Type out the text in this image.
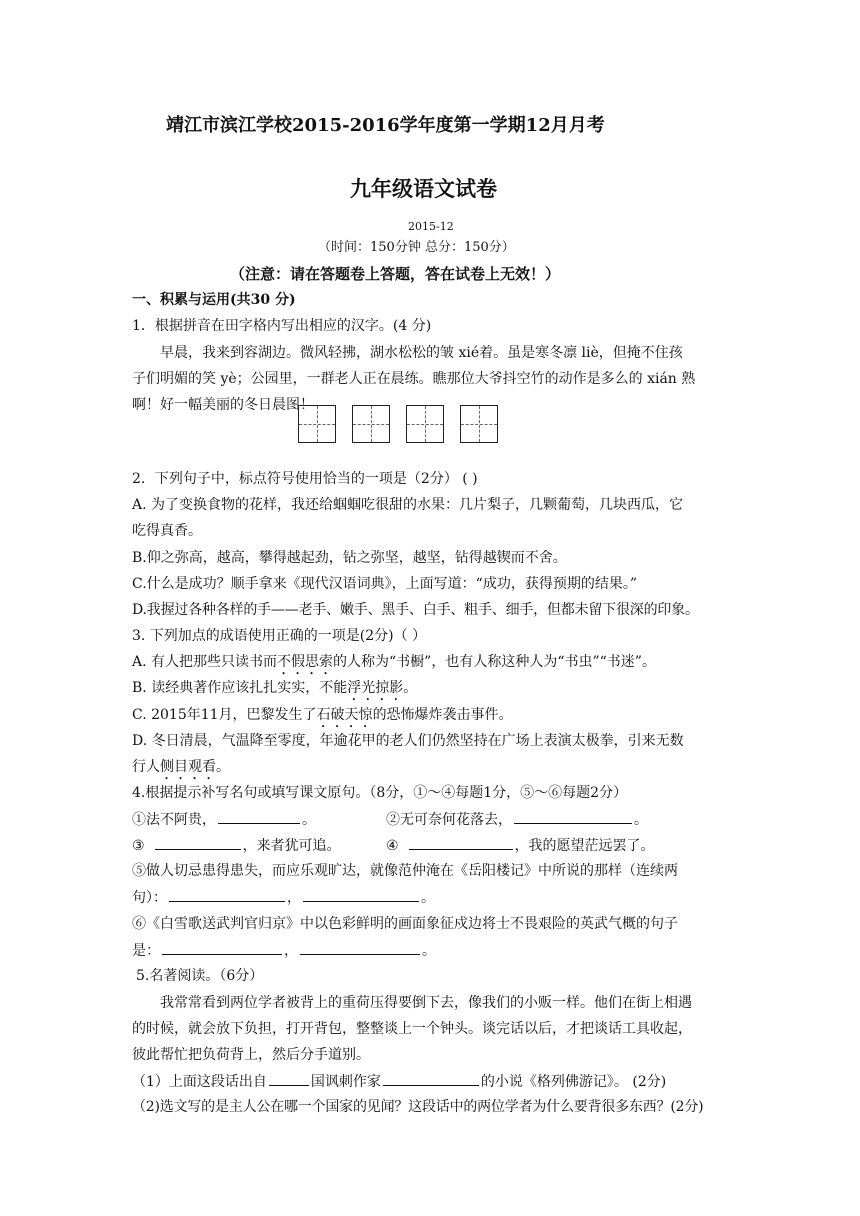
靖江市滨江学校2015-2016学年度第一学期12月月考
九年级语文试卷
2015-12
（时间：150分钟 总分：150分）
（注意：请在答题卷上答题，答在试卷上无效！）
一、积累与运用(共30 分)
1．根据拼音在田字格内写出相应的汉字。(4 分)
早晨，我来到容湖边。微风轻拂，湖水松松的皱 xié着。虽是寒冬凛 liè，但掩不住孩
子们明媚的笑 yè；公园里，一群老人正在晨练。瞧那位大爷抖空竹的动作是多么的 xián 熟
啊！好一幅美丽的冬日晨图！
2．下列句子中，标点符号使用恰当的一项是（2分） ( )
A. 为了变换食物的花样，我还给蝈蝈吃很甜的水果：几片梨子，几颗葡萄，几块西瓜，它
吃得真香。
B.仰之弥高，越高，攀得越起劲，钻之弥坚，越坚，钻得越锲而不舍。
C.什么是成功？顺手拿来《现代汉语词典》，上面写道：“成功，获得预期的结果。”
D.我握过各种各样的手——老手、嫩手、黑手、白手、粗手、细手，但都未留下很深的印象。
3. 下列加点的成语使用正确的一项是(2分)（ ）
A. 有人把那些只读书而不假思索的人称为“书橱”，也有人称这种人为“书虫”“书迷”。
B. 读经典著作应该扎扎实实，不能浮光掠影。
C. 2015年11月，巴黎发生了石破天惊的恐怖爆炸袭击事件。
D. 冬日清晨，气温降至零度，年逾花甲的老人们仍然坚持在广场上表演太极拳，引来无数
行人侧目观看。
4.根据提示补写名句或填写课文原句。（8分，①～④每题1分，⑤～⑥每题2分）
①法不阿贵，	。	②无可奈何花落去，	。
③	，来者犹可追。	④	，我的愿望茫远罢了。
⑤做人切忌患得患失，而应乐观旷达，就像范仲淹在《岳阳楼记》中所说的那样（连续两
句）：	，	。
⑥《白雪歌送武判官归京》中以色彩鲜明的画面象征戍边将士不畏艰险的英武气概的句子
是：	，	。
5.名著阅读。（6分）
我常常看到两位学者被背上的重荷压得要倒下去，像我们的小贩一样。他们在街上相遇
的时候，就会放下负担，打开背包，整整谈上一个钟头。谈完话以后，才把谈话工具收起，
彼此帮忙把负荷背上，然后分手道别。
（1）上面这段话出自	国讽刺作家	的小说《格列佛游记》。 (2分)
（2)选文写的是主人公在哪一个国家的见闻？这段话中的两位学者为什么要背很多东西？(2分)
